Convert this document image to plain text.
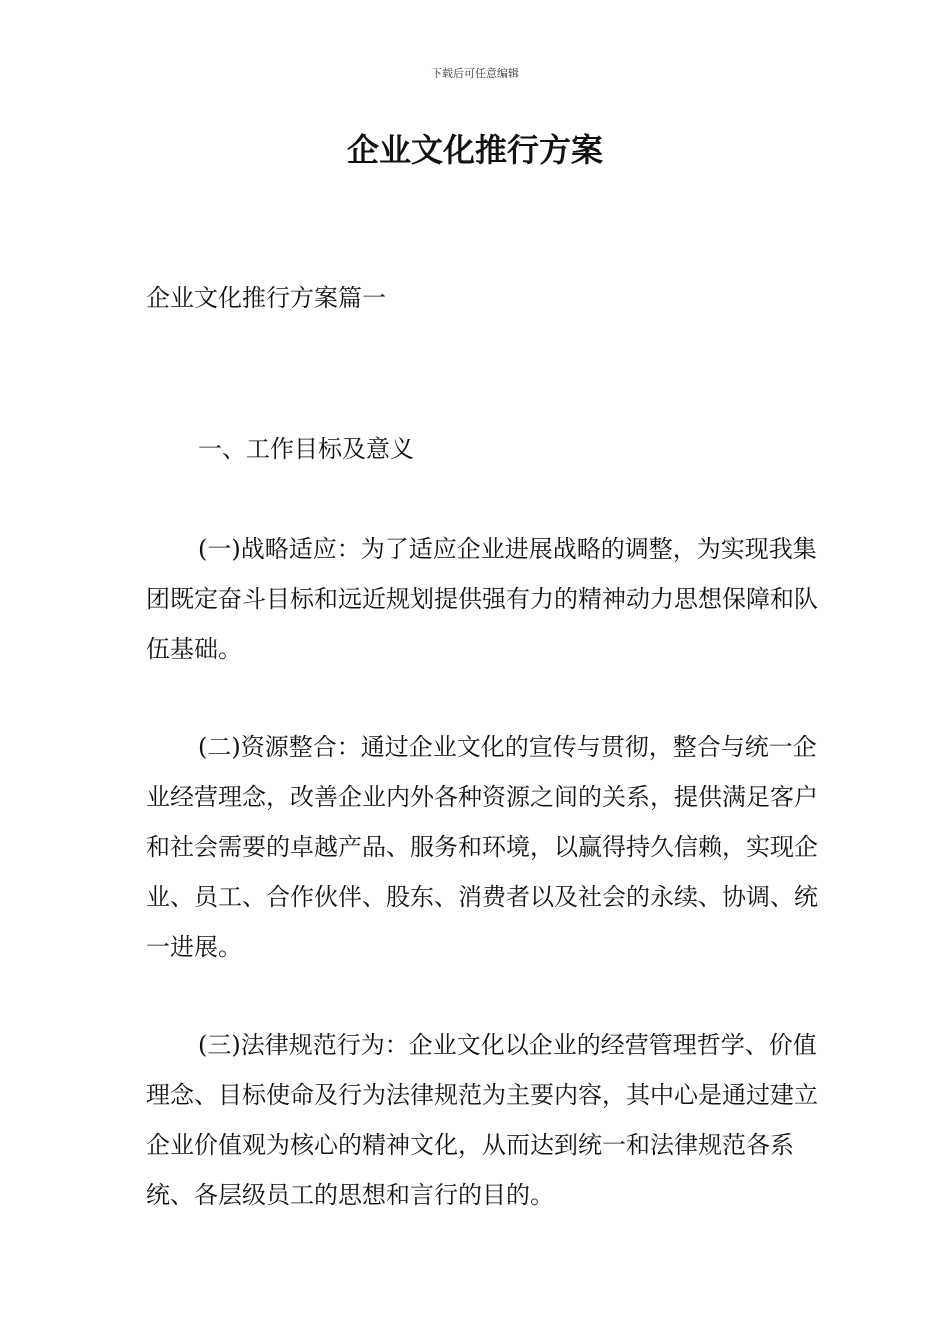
下载后可任意编辑
企业文化推行方案

企业文化推行方案篇一

一、工作目标及意义

(一)战略适应：为了适应企业进展战略的调整，为实现我集团既定奋斗目标和远近规划提供强有力的精神动力思想保障和队伍基础。

(二)资源整合：通过企业文化的宣传与贯彻，整合与统一企业经营理念，改善企业内外各种资源之间的关系，提供满足客户和社会需要的卓越产品、服务和环境，以赢得持久信赖，实现企业、员工、合作伙伴、股东、消费者以及社会的永续、协调、统一进展。

(三)法律规范行为：企业文化以企业的经营管理哲学、价值理念、目标使命及行为法律规范为主要内容，其中心是通过建立企业价值观为核心的精神文化，从而达到统一和法律规范各系统、各层级员工的思想和言行的目的。
